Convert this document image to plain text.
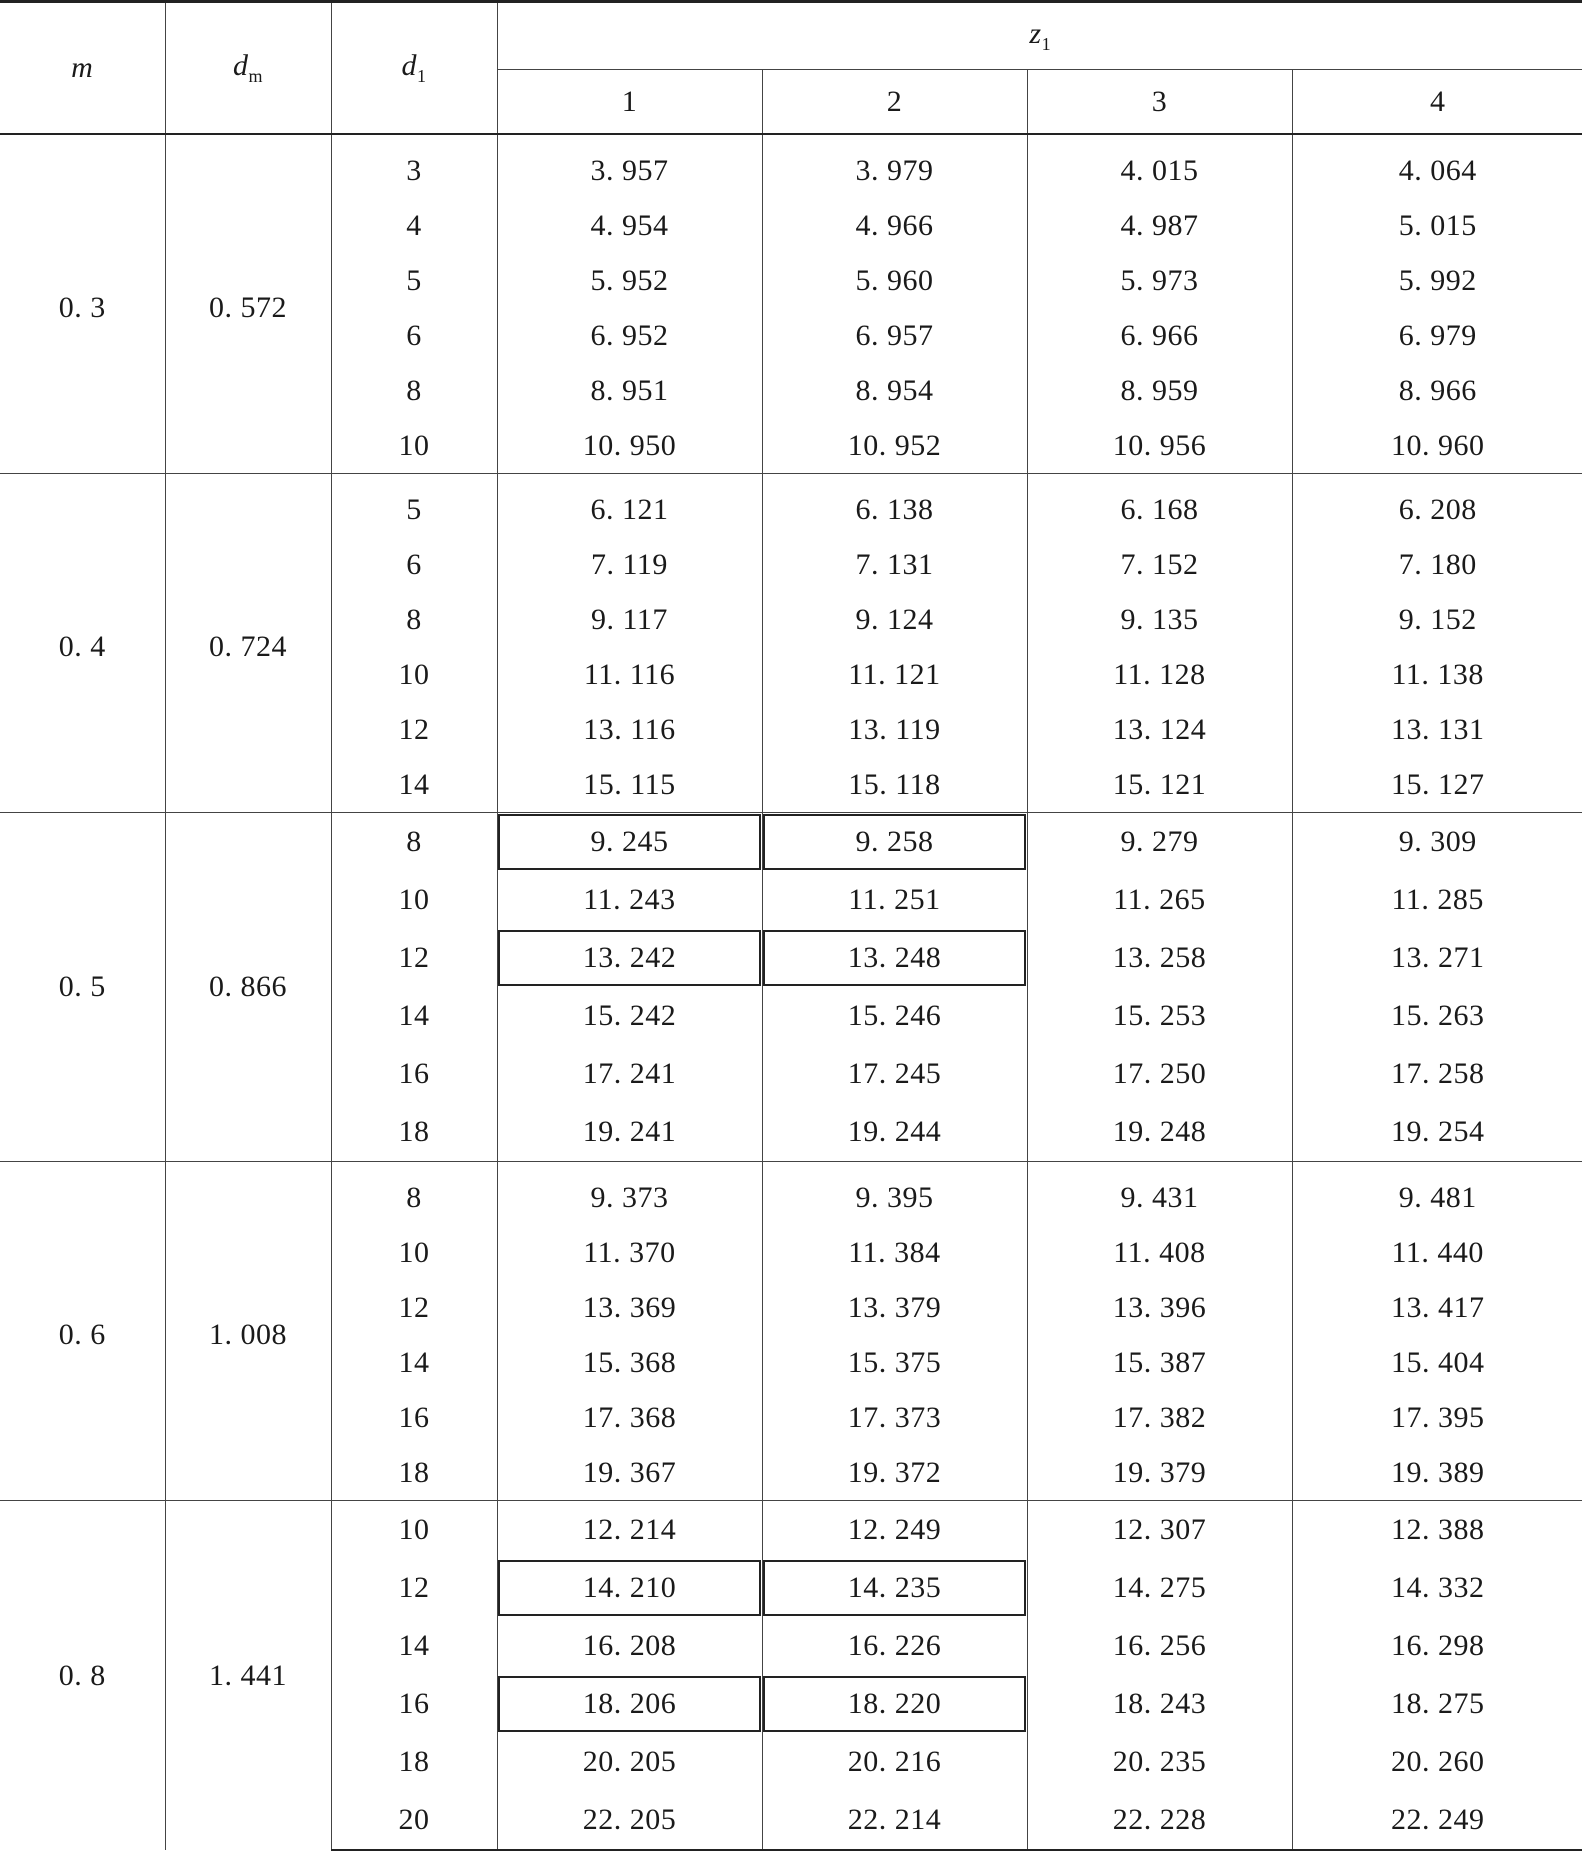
m	$d_m$	$d_1$	$z_1$
			1	2	3	4
0. 3	0. 572	3	3. 957	3. 979	4. 015	4. 064
		4	4. 954	4. 966	4. 987	5. 015
		5	5. 952	5. 960	5. 973	5. 992
		6	6. 952	6. 957	6. 966	6. 979
		8	8. 951	8. 954	8. 959	8. 966
		10	10. 950	10. 952	10. 956	10. 960
0. 4	0. 724	5	6. 121	6. 138	6. 168	6. 208
		6	7. 119	7. 131	7. 152	7. 180
		8	9. 117	9. 124	9. 135	9. 152
		10	11. 116	11. 121	11. 128	11. 138
		12	13. 116	13. 119	13. 124	13. 131
		14	15. 115	15. 118	15. 121	15. 127
0. 5	0. 866	8	9. 245	9. 258	9. 279	9. 309
		10	11. 243	11. 251	11. 265	11. 285
		12	13. 242	13. 248	13. 258	13. 271
		14	15. 242	15. 246	15. 253	15. 263
		16	17. 241	17. 245	17. 250	17. 258
		18	19. 241	19. 244	19. 248	19. 254
0. 6	1. 008	8	9. 373	9. 395	9. 431	9. 481
		10	11. 370	11. 384	11. 408	11. 440
		12	13. 369	13. 379	13. 396	13. 417
		14	15. 368	15. 375	15. 387	15. 404
		16	17. 368	17. 373	17. 382	17. 395
		18	19. 367	19. 372	19. 379	19. 389
0. 8	1. 441	10	12. 214	12. 249	12. 307	12. 388
		12	14. 210	14. 235	14. 275	14. 332
		14	16. 208	16. 226	16. 256	16. 298
		16	18. 206	18. 220	18. 243	18. 275
		18	20. 205	20. 216	20. 235	20. 260
		20	22. 205	22. 214	22. 228	22. 249
